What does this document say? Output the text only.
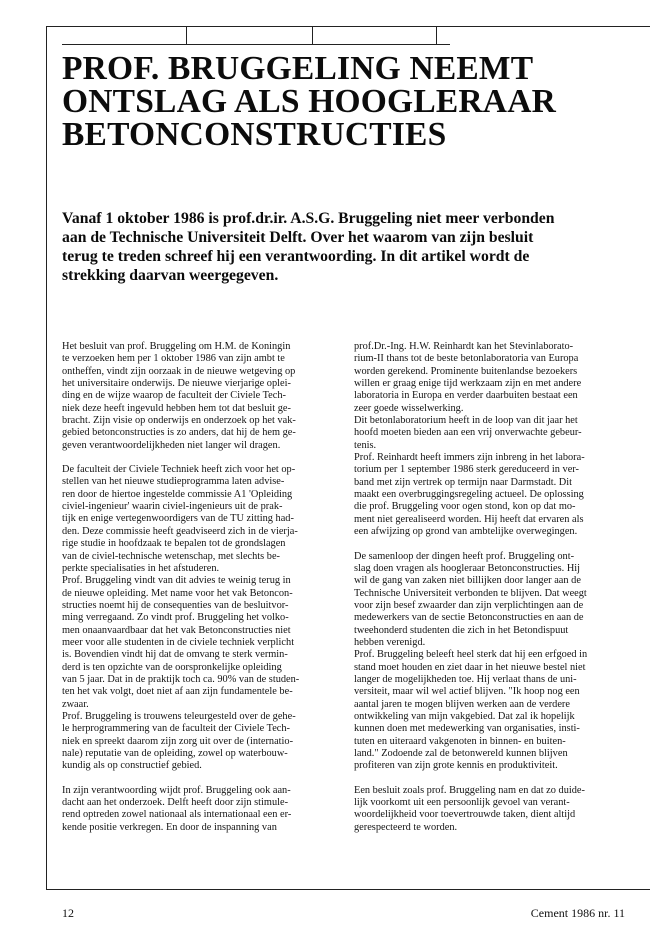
PROF. BRUGGELING NEEMT
ONTSLAG ALS HOOGLERAAR
BETONCONSTRUCTIES

Vanaf 1 oktober 1986 is prof.dr.ir. A.S.G. Bruggeling niet meer verbonden
aan de Technische Universiteit Delft. Over het waarom van zijn besluit
terug te treden schreef hij een verantwoording. In dit artikel wordt de
strekking daarvan weergegeven.

Het besluit van prof. Bruggeling om H.M. de Koningin
te verzoeken hem per 1 oktober 1986 van zijn ambt te
ontheffen, vindt zijn oorzaak in de nieuwe wetgeving op
het universitaire onderwijs. De nieuwe vierjarige oplei-
ding en de wijze waarop de faculteit der Civiele Tech-
niek deze heeft ingevuld hebben hem tot dat besluit ge-
bracht. Zijn visie op onderwijs en onderzoek op het vak-
gebied betonconstructies is zo anders, dat hij de hem ge-
geven verantwoordelijkheden niet langer wil dragen.

De faculteit der Civiele Techniek heeft zich voor het op-
stellen van het nieuwe studieprogramma laten advise-
ren door de hiertoe ingestelde commissie A1 'Opleiding
civiel-ingenieur' waarin civiel-ingenieurs uit de prak-
tijk en enige vertegenwoordigers van de TU zitting had-
den. Deze commissie heeft geadviseerd zich in de vierja-
rige studie in hoofdzaak te bepalen tot de grondslagen
van de civiel-technische wetenschap, met slechts be-
perkte specialisaties in het afstuderen.
Prof. Bruggeling vindt van dit advies te weinig terug in
de nieuwe opleiding. Met name voor het vak Betoncon-
structies noemt hij de consequenties van de besluitvor-
ming verregaand. Zo vindt prof. Bruggeling het volko-
men onaanvaardbaar dat het vak Betonconstructies niet
meer voor alle studenten in de civiele techniek verplicht
is. Bovendien vindt hij dat de omvang te sterk vermin-
derd is ten opzichte van de oorspronkelijke opleiding
van 5 jaar. Dat in de praktijk toch ca. 90% van de studen-
ten het vak volgt, doet niet af aan zijn fundamentele be-
zwaar.
Prof. Bruggeling is trouwens teleurgesteld over de gehe-
le herprogrammering van de faculteit der Civiele Tech-
niek en spreekt daarom zijn zorg uit over de (internatio-
nale) reputatie van de opleiding, zowel op waterbouw-
kundig als op constructief gebied.

In zijn verantwoording wijdt prof. Bruggeling ook aan-
dacht aan het onderzoek. Delft heeft door zijn stimule-
rend optreden zowel nationaal als internationaal een er-
kende positie verkregen. En door de inspanning van

prof.Dr.-Ing. H.W. Reinhardt kan het Stevinlaborato-
rium-II thans tot de beste betonlaboratoria van Europa
worden gerekend. Prominente buitenlandse bezoekers
willen er graag enige tijd werkzaam zijn en met andere
laboratoria in Europa en verder daarbuiten bestaat een
zeer goede wisselwerking.
Dit betonlaboratorium heeft in de loop van dit jaar het
hoofd moeten bieden aan een vrij onverwachte gebeur-
tenis.
Prof. Reinhardt heeft immers zijn inbreng in het labora-
torium per 1 september 1986 sterk gereduceerd in ver-
band met zijn vertrek op termijn naar Darmstadt. Dit
maakt een overbruggingsregeling actueel. De oplossing
die prof. Bruggeling voor ogen stond, kon op dat mo-
ment niet gerealiseerd worden. Hij heeft dat ervaren als
een afwijzing op grond van ambtelijke overwegingen.

De samenloop der dingen heeft prof. Bruggeling ont-
slag doen vragen als hoogleraar Betonconstructies. Hij
wil de gang van zaken niet billijken door langer aan de
Technische Universiteit verbonden te blijven. Dat weegt
voor zijn besef zwaarder dan zijn verplichtingen aan de
medewerkers van de sectie Betonconstructies en aan de
tweehonderd studenten die zich in het Betondispuut
hebben verenigd.
Prof. Bruggeling beleeft heel sterk dat hij een erfgoed in
stand moet houden en ziet daar in het nieuwe bestel niet
langer de mogelijkheden toe. Hij verlaat thans de uni-
versiteit, maar wil wel actief blijven. "Ik hoop nog een
aantal jaren te mogen blijven werken aan de verdere
ontwikkeling van mijn vakgebied. Dat zal ik hopelijk
kunnen doen met medewerking van organisaties, insti-
tuten en uiteraard vakgenoten in binnen- en buiten-
land." Zodoende zal de betonwereld kunnen blijven
profiteren van zijn grote kennis en produktiviteit.

Een besluit zoals prof. Bruggeling nam en dat zo duide-
lijk voorkomt uit een persoonlijk gevoel van verant-
woordelijkheid voor toevertrouwde taken, dient altijd
gerespecteerd te worden.

12	Cement 1986 nr. 11
